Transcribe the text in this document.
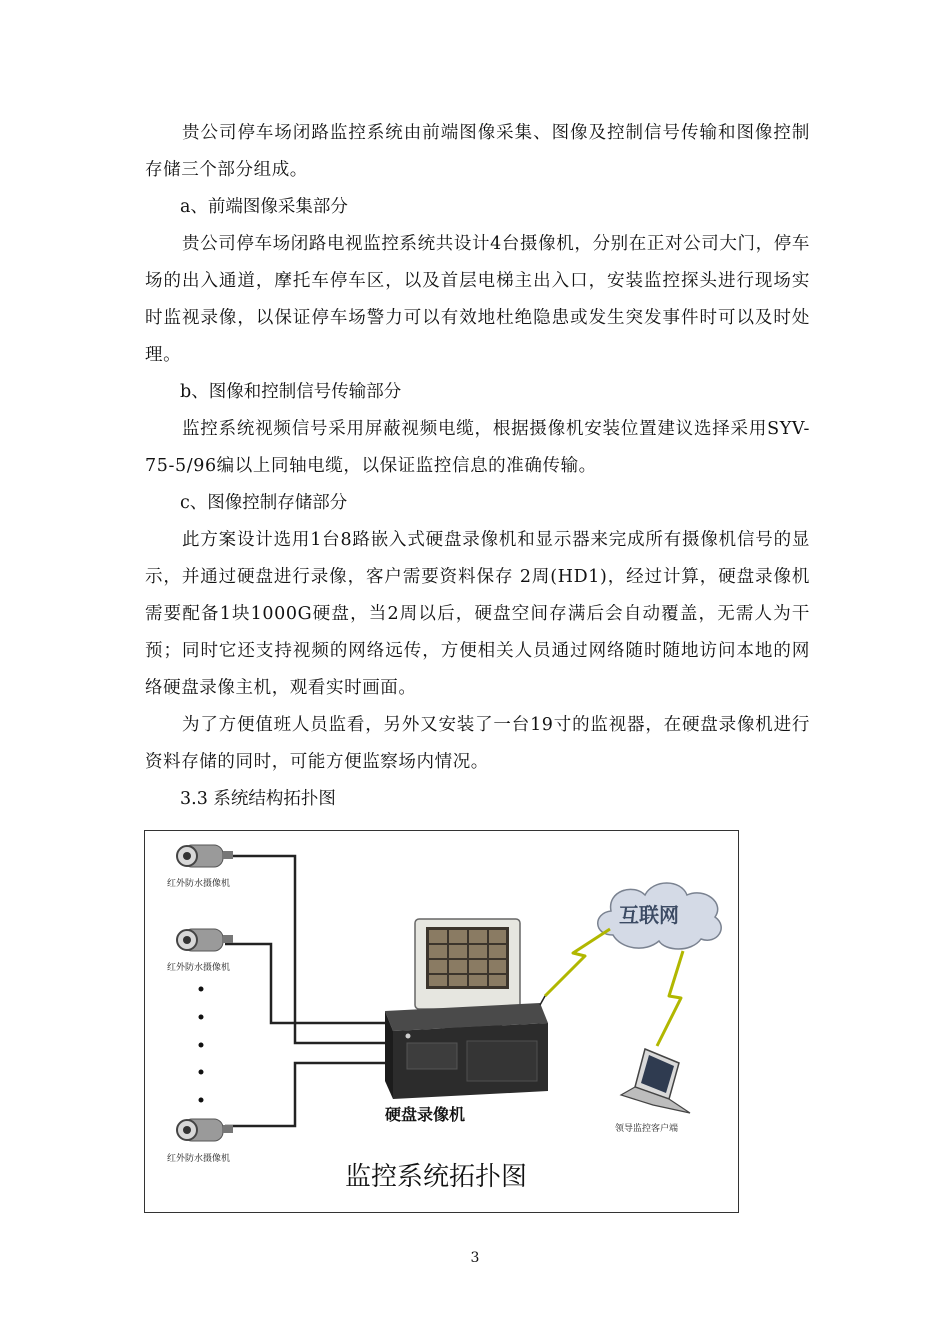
贵公司停车场闭路监控系统由前端图像采集、图像及控制信号传输和图像控制存储三个部分组成。

a、前端图像采集部分

贵公司停车场闭路电视监控系统共设计4台摄像机，分别在正对公司大门，停车场的出入通道，摩托车停车区，以及首层电梯主出入口，安装监控探头进行现场实时监视录像，以保证停车场警力可以有效地杜绝隐患或发生突发事件时可以及时处理。

b、图像和控制信号传输部分

监控系统视频信号采用屏蔽视频电缆，根据摄像机安装位置建议选择采用SYV-75-5/96编以上同轴电缆，以保证监控信息的准确传输。

c、图像控制存储部分

此方案设计选用1台8路嵌入式硬盘录像机和显示器来完成所有摄像机信号的显示，并通过硬盘进行录像，客户需要资料保存 2周(HD1)，经过计算，硬盘录像机需要配备1块1000G硬盘，当2周以后，硬盘空间存满后会自动覆盖，无需人为干预；同时它还支持视频的网络远传，方便相关人员通过网络随时随地访问本地的网络硬盘录像主机，观看实时画面。

为了方便值班人员监看，另外又安装了一台19寸的监视器，在硬盘录像机进行资料存储的同时，可能方便监察场内情况。

3.3 系统结构拓扑图

红外防水摄像机
红外防水摄像机
红外防水摄像机
硬盘录像机
互联网
领导监控客户端
监控系统拓扑图
3
